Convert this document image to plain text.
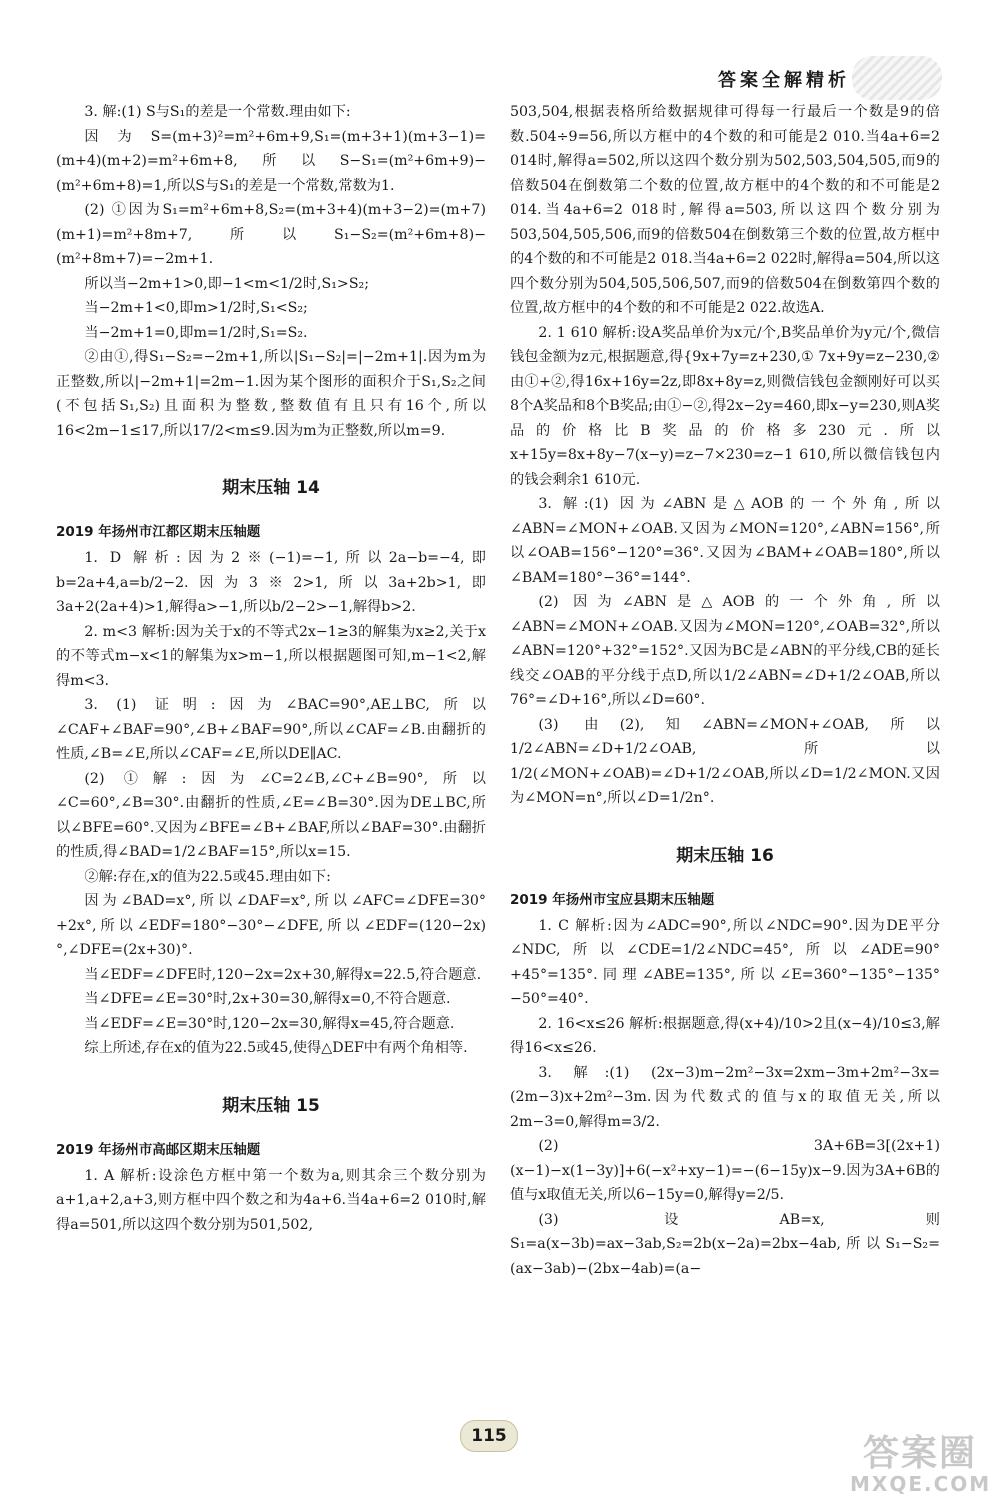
答案全解精析

3. 解:(1) S与S₁的差是一个常数.理由如下:

因为S=(m+3)²=m²+6m+9,S₁=(m+3+1)(m+3−1)=(m+4)(m+2)=m²+6m+8,所以S−S₁=(m²+6m+9)−(m²+6m+8)=1,所以S与S₁的差是一个常数,常数为1.

(2) ①因为S₁=m²+6m+8,S₂=(m+3+4)(m+3−2)=(m+7)(m+1)=m²+8m+7,所以S₁−S₂=(m²+6m+8)−(m²+8m+7)=−2m+1.

所以当−2m+1>0,即−1<m<1/2时,S₁>S₂;

当−2m+1<0,即m>1/2时,S₁<S₂;

当−2m+1=0,即m=1/2时,S₁=S₂.

②由①,得S₁−S₂=−2m+1,所以|S₁−S₂|=|−2m+1|.因为m为正整数,所以|−2m+1|=2m−1.因为某个图形的面积介于S₁,S₂之间(不包括S₁,S₂)且面积为整数,整数值有且只有16个,所以16<2m−1≤17,所以17/2<m≤9.因为m为正整数,所以m=9.

期末压轴 14
2019 年扬州市江都区期末压轴题

1. D 解析:因为2※(−1)=−1,所以2a−b=−4,即b=2a+4,a=b/2−2.因为3※2>1,所以3a+2b>1,即3a+2(2a+4)>1,解得a>−1,所以b/2−2>−1,解得b>2.

2. m<3 解析:因为关于x的不等式2x−1≥3的解集为x≥2,关于x的不等式m−x<1的解集为x>m−1,所以根据题图可知,m−1<2,解得m<3.

3. (1) 证明:因为∠BAC=90°,AE⊥BC,所以∠CAF+∠BAF=90°,∠B+∠BAF=90°,所以∠CAF=∠B.由翻折的性质,∠B=∠E,所以∠CAF=∠E,所以DE∥AC.

(2) ①解:因为∠C=2∠B,∠C+∠B=90°,所以∠C=60°,∠B=30°.由翻折的性质,∠E=∠B=30°.因为DE⊥BC,所以∠BFE=60°.又因为∠BFE=∠B+∠BAF,所以∠BAF=30°.由翻折的性质,得∠BAD=1/2∠BAF=15°,所以x=15.

②解:存在,x的值为22.5或45.理由如下:

因为∠BAD=x°,所以∠DAF=x°,所以∠AFC=∠DFE=30°+2x°,所以∠EDF=180°−30°−∠DFE,所以∠EDF=(120−2x)°,∠DFE=(2x+30)°.

当∠EDF=∠DFE时,120−2x=2x+30,解得x=22.5,符合题意.

当∠DFE=∠E=30°时,2x+30=30,解得x=0,不符合题意.

当∠EDF=∠E=30°时,120−2x=30,解得x=45,符合题意.

综上所述,存在x的值为22.5或45,使得△DEF中有两个角相等.

期末压轴 15
2019 年扬州市高邮区期末压轴题

1. A 解析:设涂色方框中第一个数为a,则其余三个数分别为a+1,a+2,a+3,则方框中四个数之和为4a+6.当4a+6=2 010时,解得a=501,所以这四个数分别为501,502,

503,504,根据表格所给数据规律可得每一行最后一个数是9的倍数.504÷9=56,所以方框中的4个数的和可能是2 010.当4a+6=2 014时,解得a=502,所以这四个数分别为502,503,504,505,而9的倍数504在倒数第二个数的位置,故方框中的4个数的和不可能是2 014.当4a+6=2 018时,解得a=503,所以这四个数分别为503,504,505,506,而9的倍数504在倒数第三个数的位置,故方框中的4个数的和不可能是2 018.当4a+6=2 022时,解得a=504,所以这四个数分别为504,505,506,507,而9的倍数504在倒数第四个数的位置,故方框中的4个数的和不可能是2 022.故选A.

2. 1 610 解析:设A奖品单价为x元/个,B奖品单价为y元/个,微信钱包金额为z元,根据题意,得{9x+7y=z+230,① 7x+9y=z−230,② 由①+②,得16x+16y=2z,即8x+8y=z,则微信钱包金额刚好可以买8个A奖品和8个B奖品;由①−②,得2x−2y=460,即x−y=230,则A奖品的价格比B奖品的价格多230元.所以x+15y=8x+8y−7(x−y)=z−7×230=z−1 610,所以微信钱包内的钱会剩余1 610元.

3. 解:(1) 因为∠ABN是△AOB的一个外角,所以∠ABN=∠MON+∠OAB.又因为∠MON=120°,∠ABN=156°,所以∠OAB=156°−120°=36°.又因为∠BAM+∠OAB=180°,所以∠BAM=180°−36°=144°.

(2) 因为∠ABN是△AOB的一个外角,所以∠ABN=∠MON+∠OAB.又因为∠MON=120°,∠OAB=32°,所以∠ABN=120°+32°=152°.又因为BC是∠ABN的平分线,CB的延长线交∠OAB的平分线于点D,所以1/2∠ABN=∠D+1/2∠OAB,所以76°=∠D+16°,所以∠D=60°.

(3) 由(2),知∠ABN=∠MON+∠OAB,所以1/2∠ABN=∠D+1/2∠OAB,所以1/2(∠MON+∠OAB)=∠D+1/2∠OAB,所以∠D=1/2∠MON.又因为∠MON=n°,所以∠D=1/2n°.

期末压轴 16
2019 年扬州市宝应县期末压轴题

1. C 解析:因为∠ADC=90°,所以∠NDC=90°.因为DE平分∠NDC,所以∠CDE=1/2∠NDC=45°,所以∠ADE=90°+45°=135°.同理∠ABE=135°,所以∠E=360°−135°−135°−50°=40°.

2. 16<x≤26 解析:根据题意,得(x+4)/10>2且(x−4)/10≤3,解得16<x≤26.

3. 解:(1) (2x−3)m−2m²−3x=2xm−3m+2m²−3x=(2m−3)x+2m²−3m.因为代数式的值与x的取值无关,所以2m−3=0,解得m=3/2.

(2) 3A+6B=3[(2x+1)(x−1)−x(1−3y)]+6(−x²+xy−1)=−(6−15y)x−9.因为3A+6B的值与x取值无关,所以6−15y=0,解得y=2/5.

(3) 设AB=x,则S₁=a(x−3b)=ax−3ab,S₂=2b(x−2a)=2bx−4ab,所以S₁−S₂=(ax−3ab)−(2bx−4ab)=(a−

115	答案圈
MXQE.COM
